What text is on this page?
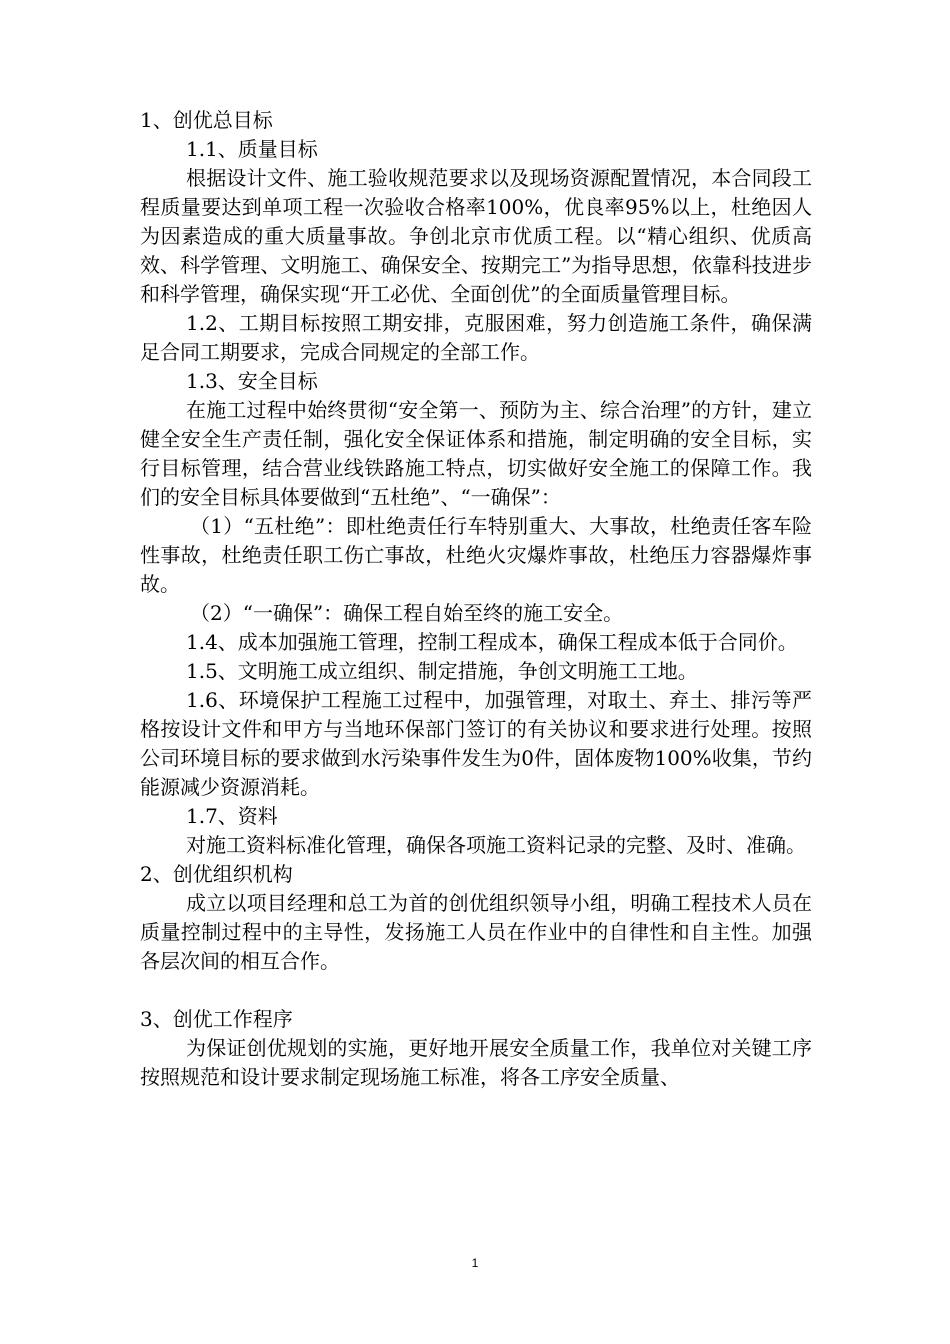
1、创优总目标

1.1、质量目标

根据设计文件、施工验收规范要求以及现场资源配置情况，本合同段工程质量要达到单项工程一次验收合格率100%，优良率95%以上，杜绝因人为因素造成的重大质量事故。争创北京市优质工程。以“精心组织、优质高效、科学管理、文明施工、确保安全、按期完工”为指导思想，依靠科技进步和科学管理，确保实现“开工必优、全面创优”的全面质量管理目标。

1.2、工期目标按照工期安排，克服困难，努力创造施工条件，确保满足合同工期要求，完成合同规定的全部工作。

1.3、安全目标

在施工过程中始终贯彻“安全第一、预防为主、综合治理”的方针，建立健全安全生产责任制，强化安全保证体系和措施，制定明确的安全目标，实行目标管理，结合营业线铁路施工特点，切实做好安全施工的保障工作。我们的安全目标具体要做到“五杜绝”、“一确保”：

（1）“五杜绝”：即杜绝责任行车特别重大、大事故，杜绝责任客车险性事故，杜绝责任职工伤亡事故，杜绝火灾爆炸事故，杜绝压力容器爆炸事故。

（2）“一确保”：确保工程自始至终的施工安全。

1.4、成本加强施工管理，控制工程成本，确保工程成本低于合同价。

1.5、文明施工成立组织、制定措施，争创文明施工工地。

1.6、环境保护工程施工过程中，加强管理，对取土、弃土、排污等严格按设计文件和甲方与当地环保部门签订的有关协议和要求进行处理。按照公司环境目标的要求做到水污染事件发生为0件，固体废物100%收集，节约能源减少资源消耗。

1.7、资料

对施工资料标准化管理，确保各项施工资料记录的完整、及时、准确。

2、创优组织机构

成立以项目经理和总工为首的创优组织领导小组，明确工程技术人员在质量控制过程中的主导性，发扬施工人员在作业中的自律性和自主性。加强各层次间的相互合作。

3、创优工作程序

为保证创优规划的实施，更好地开展安全质量工作，我单位对关键工序按照规范和设计要求制定现场施工标准，将各工序安全质量、

1
